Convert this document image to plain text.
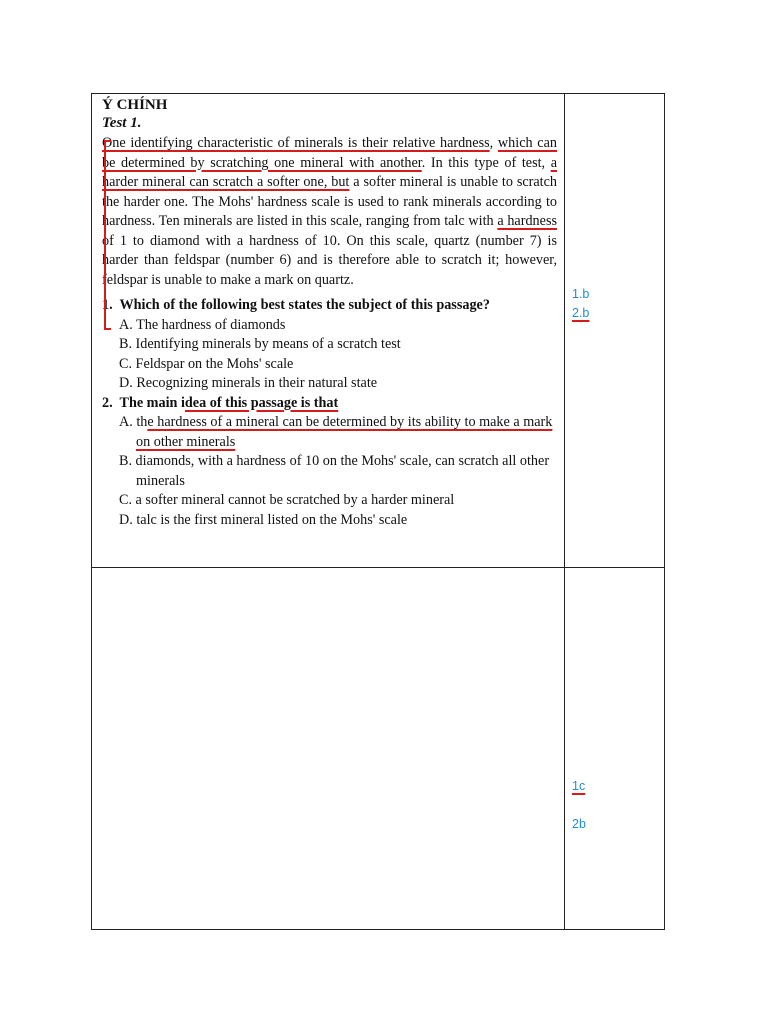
Ý CHÍNH

Test 1.

One identifying characteristic of minerals is their relative hardness, which can be determined by scratching one mineral with another. In this type of test, a harder mineral can scratch a softer one, but a softer mineral is unable to scratch the harder one. The Mohs' hardness scale is used to rank minerals according to hardness. Ten minerals are listed in this scale, ranging from talc with a hardness of 1 to diamond with a hardness of 10. On this scale, quartz (number 7) is harder than feldspar (number 6) and is therefore able to scratch it; however, feldspar is unable to make a mark on quartz.

1. Which of the following best states the subject of this passage?

A. The hardness of diamonds
B. Identifying minerals by means of a scratch test
C. Feldspar on the Mohs' scale
D. Recognizing minerals in their natural state

2. The main idea of this passage is that

A. the hardness of a mineral can be determined by its ability to make a mark on other minerals
B. diamonds, with a hardness of 10 on the Mohs' scale, can scratch all other minerals
C. a softer mineral cannot be scratched by a harder mineral
D. talc is the first mineral listed on the Mohs' scale
1.b
2.b
1c
2b
